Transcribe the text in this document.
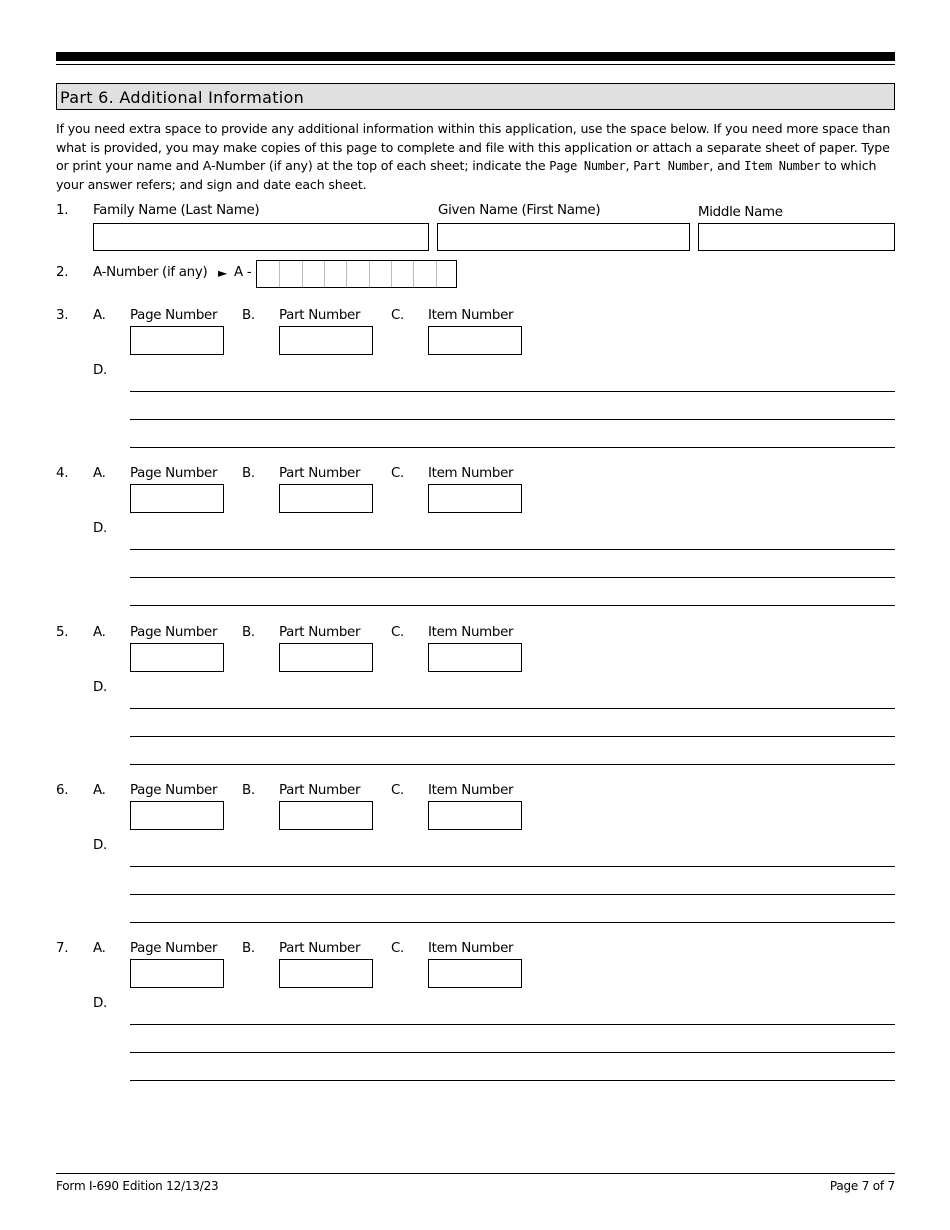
Part 6. Additional Information
If you need extra space to provide any additional information within this application, use the space below. If you need more space than what is provided, you may make copies of this page to complete and file with this application or attach a separate sheet of paper. Type or print your name and A-Number (if any) at the top of each sheet; indicate the Page Number, Part Number, and Item Number to which your answer refers; and sign and date each sheet.
1. Family Name (Last Name)	Given Name (First Name)	Middle Name
2. A-Number (if any) ► A -
3. A. Page Number B. Part Number C. Item Number
D.
4. A. Page Number B. Part Number C. Item Number
D.
5. A. Page Number B. Part Number C. Item Number
D.
6. A. Page Number B. Part Number C. Item Number
D.
7. A. Page Number B. Part Number C. Item Number
D.
Form I-690 Edition 12/13/23	Page 7 of 7
